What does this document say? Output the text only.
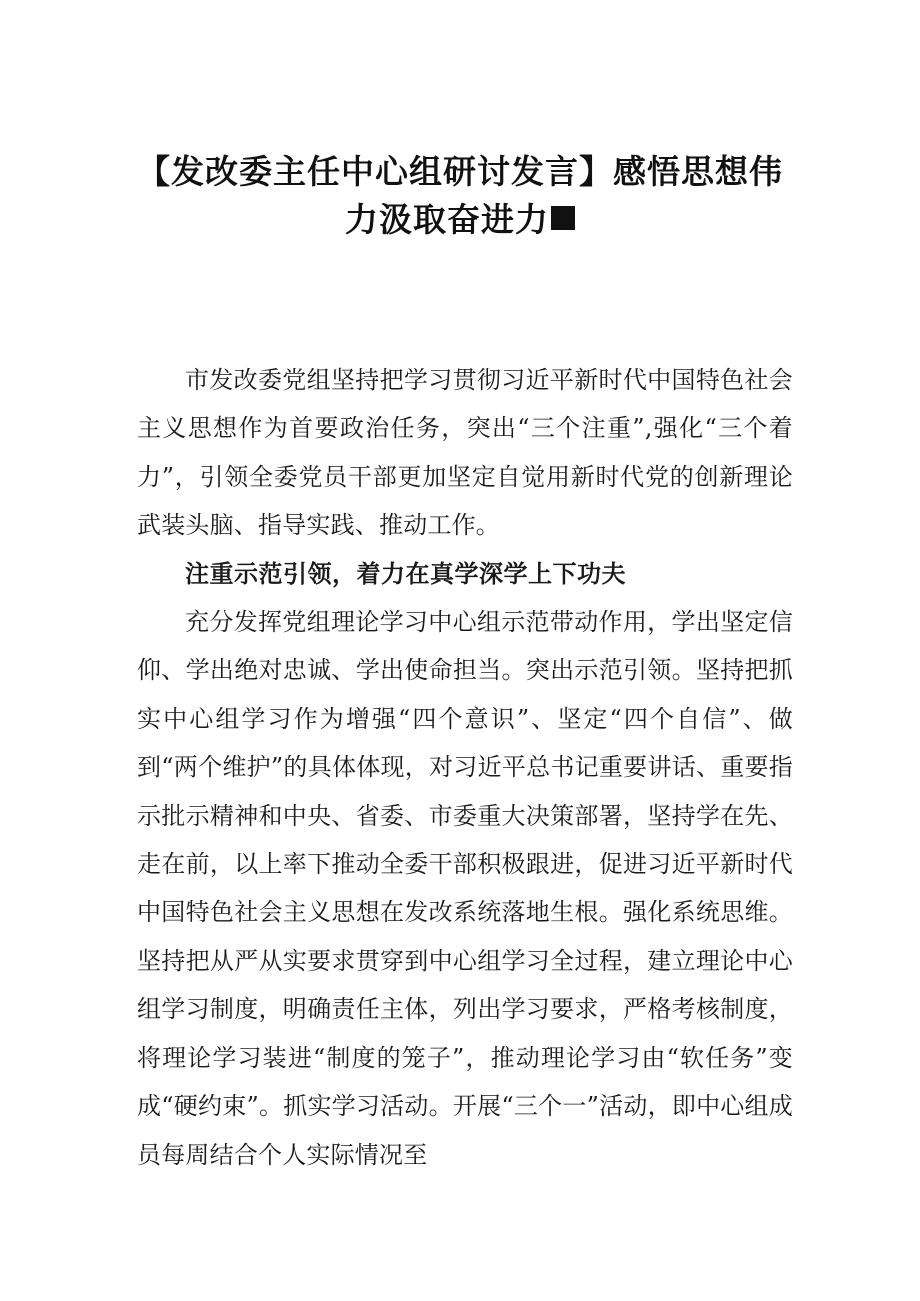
【发改委主任中心组研讨发言】感悟思想伟
力汲取奋进力

市发改委党组坚持把学习贯彻习近平新时代中国特色社会主义思想作为首要政治任务，突出“三个注重”,强化“三个着力”，引领全委党员干部更加坚定自觉用新时代党的创新理论武装头脑、指导实践、推动工作。

注重示范引领，着力在真学深学上下功夫

充分发挥党组理论学习中心组示范带动作用，学出坚定信仰、学出绝对忠诚、学出使命担当。突出示范引领。坚持把抓实中心组学习作为增强“四个意识”、坚定“四个自信”、做到“两个维护”的具体体现，对习近平总书记重要讲话、重要指示批示精神和中央、省委、市委重大决策部署，坚持学在先、走在前，以上率下推动全委干部积极跟进，促进习近平新时代中国特色社会主义思想在发改系统落地生根。强化系统思维。坚持把从严从实要求贯穿到中心组学习全过程，建立理论中心组学习制度，明确责任主体，列出学习要求，严格考核制度，将理论学习装进“制度的笼子”，推动理论学习由“软任务”变成“硬约束”。抓实学习活动。开展“三个一”活动，即中心组成员每周结合个人实际情况至
